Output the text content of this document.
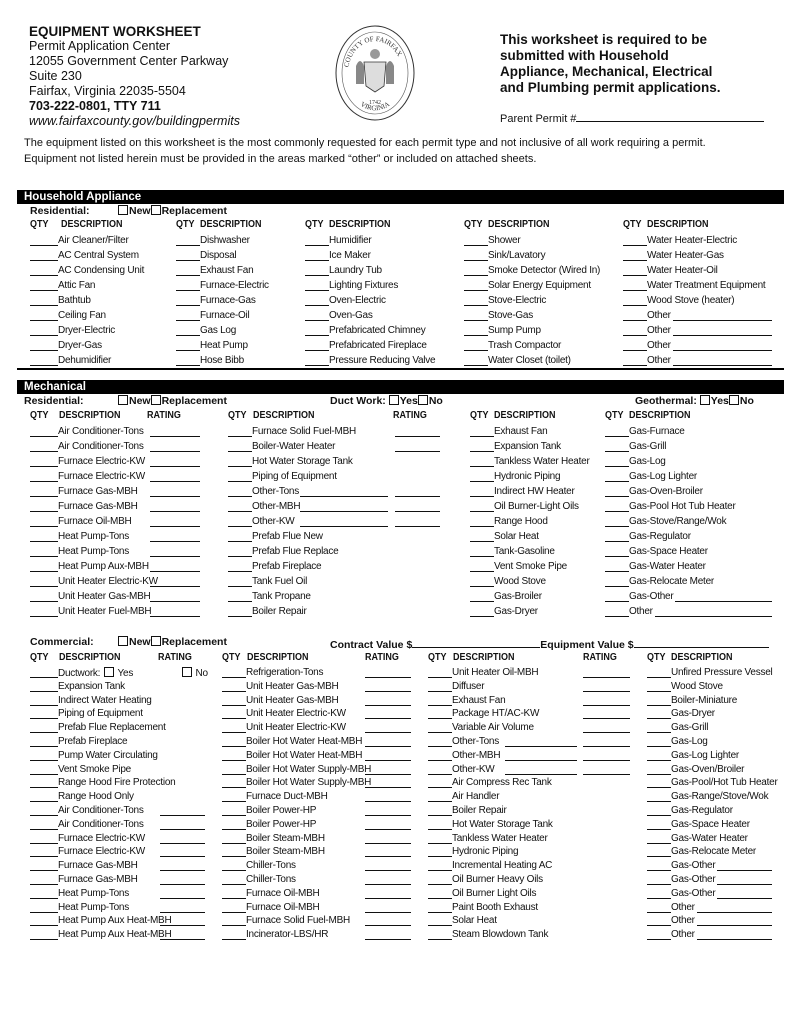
EQUIPMENT WORKSHEET
Permit Application Center
12055 Government Center Parkway
Suite 230
Fairfax, Virginia 22035-5504
703-222-0801, TTY 711
www.fairfaxcounty.gov/buildingpermits
COUNTY OF FAIRFAX
VIRGINIA
1742
This worksheet is required to be
submitted with Household
Appliance, Mechanical, Electrical
and Plumbing permit applications.
Parent Permit #
The equipment listed on this worksheet is the most commonly requested for each permit type and not inclusive of all work requiring a permit.
Equipment not listed herein must be provided in the areas marked “other” or included on attached sheets.
Household Appliance
Residential:	New Replacement
Mechanical
Residential:	New Replacement	Duct Work: Yes No	Geothermal: Yes No
Commercial:	New Replacement	Contract Value $	Equipment Value $
QTY DESCRIPTION
Air Cleaner/Filter
AC Central System
AC Condensing Unit
Attic Fan
Bathtub
Ceiling Fan
Dryer-Electric
Dryer-Gas
Dehumidifier
QTY DESCRIPTION
Dishwasher
Disposal
Exhaust Fan
Furnace-Electric
Furnace-Gas
Furnace-Oil
Gas Log
Heat Pump
Hose Bibb
QTY DESCRIPTION
Humidifier
Ice Maker
Laundry Tub
Lighting Fixtures
Oven-Electric
Oven-Gas
Prefabricated Chimney
Prefabricated Fireplace
Pressure Reducing Valve
QTY DESCRIPTION
Shower
Sink/Lavatory
Smoke Detector (Wired In)
Solar Energy Equipment
Stove-Electric
Stove-Gas
Sump Pump
Trash Compactor
Water Closet (toilet)
QTY DESCRIPTION
Water Heater-Electric
Water Heater-Gas
Water Heater-Oil
Water Treatment Equipment
Wood Stove (heater)
Other
Other
Other
Other
QTY DESCRIPTION	RATING
Air Conditioner-Tons
Air Conditioner-Tons
Furnace Electric-KW
Furnace Electric-KW
Furnace Gas-MBH
Furnace Gas-MBH
Furnace Oil-MBH
Heat Pump-Tons
Heat Pump-Tons
Heat Pump Aux-MBH
Unit Heater Electric-KW
Unit Heater Gas-MBH
Unit Heater Fuel-MBH
QTY DESCRIPTION	RATING
Furnace Solid Fuel-MBH
Boiler-Water Heater
Hot Water Storage Tank
Piping of Equipment
Other-Tons
Other-MBH
Other-KW
Prefab Flue New
Prefab Flue Replace
Prefab Fireplace
Tank Fuel Oil
Tank Propane
Boiler Repair
QTY DESCRIPTION
Exhaust Fan
Expansion Tank
Tankless Water Heater
Hydronic Piping
Indirect HW Heater
Oil Burner-Light Oils
Range Hood
Solar Heat
Tank-Gasoline
Vent Smoke Pipe
Wood Stove
Gas-Broiler
Gas-Dryer
QTY DESCRIPTION
Gas-Furnace
Gas-Grill
Gas-Log
Gas-Log Lighter
Gas-Oven-Broiler
Gas-Pool Hot Tub Heater
Gas-Stove/Range/Wok
Gas-Regulator
Gas-Space Heater
Gas-Water Heater
Gas-Relocate Meter
Gas-Other
Other
QTY DESCRIPTION	RATING
Ductwork: Yes	No
Expansion Tank
Indirect Water Heating
Piping of Equipment
Prefab Flue Replacement
Prefab Fireplace
Pump Water Circulating
Vent Smoke Pipe
Range Hood Fire Protection
Range Hood Only
Air Conditioner-Tons
Air Conditioner-Tons
Furnace Electric-KW
Furnace Electric-KW
Furnace Gas-MBH
Furnace Gas-MBH
Heat Pump-Tons
Heat Pump-Tons
Heat Pump Aux Heat-MBH
Heat Pump Aux Heat-MBH
QTY DESCRIPTION	RATING
Refrigeration-Tons
Unit Heater Gas-MBH
Unit Heater Gas-MBH
Unit Heater Electric-KW
Unit Heater Electric-KW
Boiler Hot Water Heat-MBH
Boiler Hot Water Heat-MBH
Boiler Hot Water Supply-MBH
Boiler Hot Water Supply-MBH
Furnace Duct-MBH
Boiler Power-HP
Boiler Power-HP
Boiler Steam-MBH
Boiler Steam-MBH
Chiller-Tons
Chiller-Tons
Furnace Oil-MBH
Furnace Oil-MBH
Furnace Solid Fuel-MBH
Incinerator-LBS/HR
QTY DESCRIPTION	RATING
Unit Heater Oil-MBH
Diffuser
Exhaust Fan
Package HT/AC-KW
Variable Air Volume
Other-Tons
Other-MBH
Other-KW
Air Compress Rec Tank
Air Handler
Boiler Repair
Hot Water Storage Tank
Tankless Water Heater
Hydronic Piping
Incremental Heating AC
Oil Burner Heavy Oils
Oil Burner Light Oils
Paint Booth Exhaust
Solar Heat
Steam Blowdown Tank
QTY DESCRIPTION
Unfired Pressure Vessel
Wood Stove
Boiler-Miniature
Gas-Dryer
Gas-Grill
Gas-Log
Gas-Log Lighter
Gas-Oven/Broiler
Gas-Pool/Hot Tub Heater
Gas-Range/Stove/Wok
Gas-Regulator
Gas-Space Heater
Gas-Water Heater
Gas-Relocate Meter
Gas-Other
Gas-Other
Gas-Other
Other
Other
Other
